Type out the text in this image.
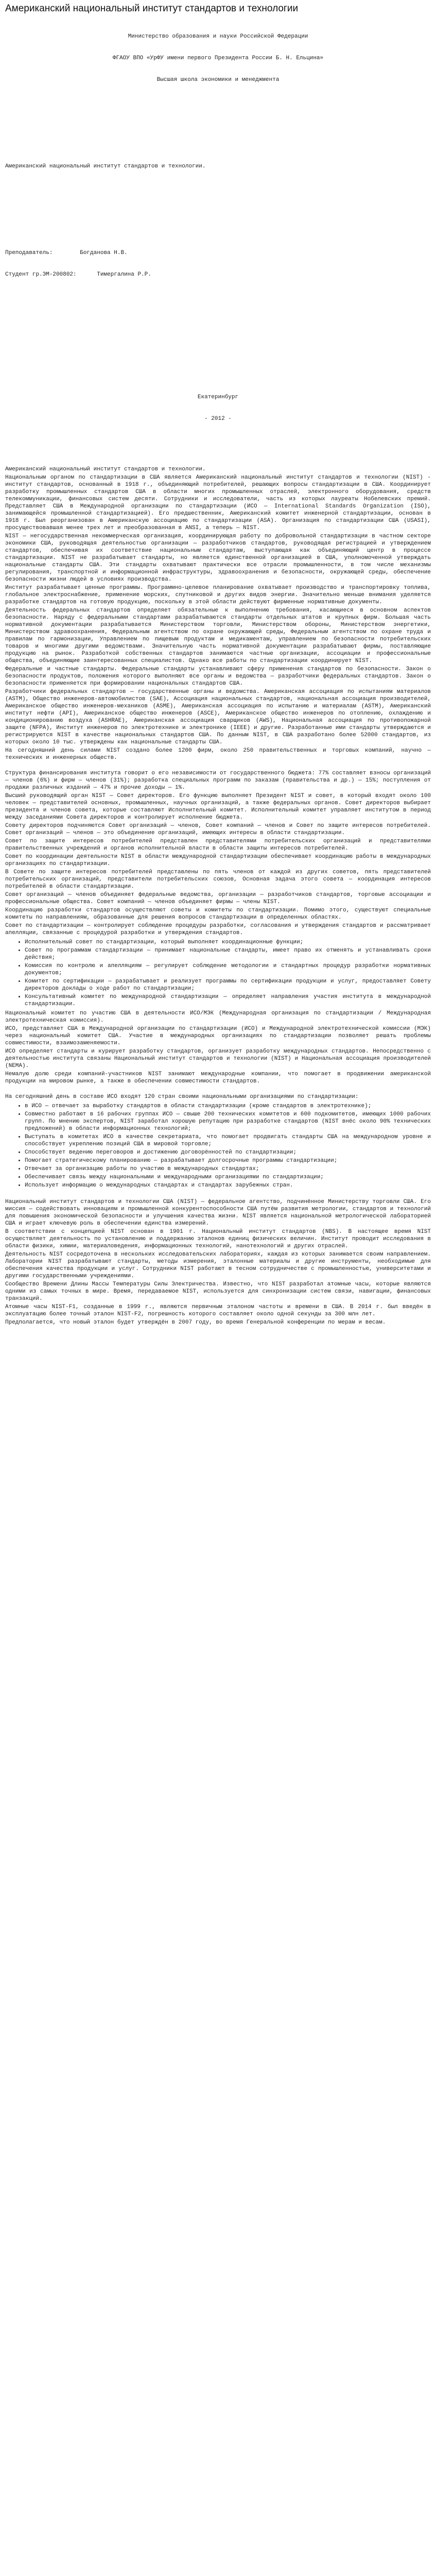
Американский национальный институт стандартов и технологии

Министерство образования и науки Российской Федерации

ФГАОУ ВПО «УрФУ имени первого Президента России Б. Н. Ельцина»

Высшая школа экономики и менеджмента

Американский национальный институт стандартов и технологии.

Преподаватель:	Богданова Н.В.

Студент гр.ЭМ-200802:	Тимергалина Р.Р.

Екатеринбург

- 2012 -

Американский национальный институт стандартов и технологии.

Национальным органом по стандартизации в США является Американский национальный институт стандартов и технологии (NIST) - институт стандартов, основанный в 1918 г., объединяющий потребителей, решающих вопросы стандартизации в США. Координирует разработку промышленных стандартов США в области многих промышленных отраслей, электронного оборудования, средств телекоммуникации, финансовых систем десяти. Сотрудники и исследователи, часть из которых лауреаты Нобелевских премий. Представляет США в Международной организации по стандартизации (ИСО — International Standards Organization (ISO), занимающейся промышленной стандартизацией). Его предшественник, Американский комитет инженерной стандартизации, основан в 1918 г. Был реорганизован в Американскую ассоциацию по стандартизации (ASA). Организация по стандартизации США (USASI), просуществовавшая менее трех лет и преобразованная в ANSI, а теперь — NIST.

NIST — негосударственная некоммерческая организация, координирующая работу по добровольной стандартизации в частном секторе экономики США, руководящая деятельностью организации — разработчиков стандартов, руководящая регистрацией и утверждением стандартов, обеспечивая их соответствие национальным стандартам, выступающая как объединяющий центр в процессе стандартизации. NIST не разрабатывает стандарты, но является единственной организацией в США, уполномоченной утверждать национальные стандарты США. Эти стандарты охватывают практически все отрасли промышленности, в том числе механизмы регулирования, транспортной и информационной инфраструктуры, здравоохранения и безопасности, окружающей среды, обеспечение безопасности жизни людей в условиях производства.

Институт разрабатывает ценные программы. Программно-целевое планирование охватывает производство и транспортировку топлива, глобальное электроснабжение, применение морских, спутниковой и других видов энергии. Значительно меньше внимания уделяется разработке стандартов на готовую продукцию, поскольку в этой области действуют фирменные нормативные документы.

Деятельность федеральных стандартов определяет обязательные к выполнению требования, касающиеся в основном аспектов безопасности. Наряду с федеральными стандартами разрабатываются стандарты отдельных штатов и крупных фирм. Большая часть нормативной документации разрабатывается Министерством торговли, Министерством обороны, Министерством энергетики, Министерством здравоохранения, Федеральным агентством по охране окружающей среды, Федеральным агентством по охране труда и правилам по гармонизации, Управлением по пищевым продуктам и медикаментам, управлением по безопасности потребительских товаров и многими другими ведомствами. Значительную часть нормативной документации разрабатывают фирмы, поставляющие продукцию на рынок. Разработкой собственных стандартов занимаются частные организации, ассоциации и профессиональные общества, объединяющие заинтересованных специалистов. Однако все работы по стандартизации координирует NIST.

Федеральные и частные стандарты. Федеральные стандарты устанавливают сферу применения стандартов по безопасности. Закон о безопасности продуктов, положения которого выполняют все органы и ведомства — разработчики федеральных стандартов. Закон о безопасности применяется при формировании национальных стандартов США.

Разработчики федеральных стандартов — государственные органы и ведомства. Американская ассоциация по испытаниям материалов (ASTM), Общество инженеров-автомобилистов (SAE), Ассоциация национальных стандартов, национальная ассоциация производителей, Американское общество инженеров-механиков (ASME), Американская ассоциация по испытанию и материалам (ASTM), Американский институт нефти (API), Американское общество инженеров (ASCE), Американское общество инженеров по отоплению, охлаждению и кондиционированию воздуха (ASHRAE), Американская ассоциация сварщиков (AWS), Национальная ассоциация по противопожарной защите (NFPA), Институт инженеров по электротехнике и электронике (IEEE) и другие. Разработанные ими стандарты утверждаются и регистрируются NIST в качестве национальных стандартов США. По данным NIST, в США разработано более 52000 стандартов, из которых около 10 тыс. утверждены как национальные стандарты США.

На сегодняшний день силами NIST создано более 1200 фирм, около 250 правительственных и торговых компаний, научно — технических и инженерных обществ.

Структура финансирования института говорит о его независимости от государственного бюджета: 77% составляет взносы организаций — членов (6%) и фирм — членов (31%); разработка специальных программ по заказам (правительства и др.) — 15%; поступления от продажи различных изданий — 47% и прочие доходы — 1%.

Высший руководящий орган NIST — Совет директоров. Его функцию выполняет Президент NIST и совет, в который входят около 100 человек — представителей основных, промышленных, научных организаций, а также федеральных органов. Совет директоров выбирает президента и членов совета, которые составляют Исполнительный комитет. Исполнительный комитет управляет институтом в период между заседаниями Совета директоров и контролирует исполнение бюджета.

Совету директоров подчиняются Совет организаций — членов, Совет компаний — членов и Совет по защите интересов потребителей. Совет организаций — членов — это объединение организаций, имеющих интересы в области стандартизации.

Совет по защите интересов потребителей представлен представителями потребительских организаций и представителями правительственных учреждений и органов исполнительной власти в области защиты интересов потребителей.

Совет по координации деятельности NIST в области международной стандартизации обеспечивает координацию работы в международных организациях по стандартизации.

В Совете по защите интересов потребителей представлены по пять членов от каждой из других советов, пять представителей потребительских организаций, представители потребительских союзов, Основная задача этого совета — координация интересов потребителей в области стандартизации.

Совет организаций — членов объединяет федеральные ведомства, организации — разработчиков стандартов, торговые ассоциации и профессиональные общества. Совет компаний — членов объединяет фирмы — члены NIST.

Координацию разработки стандартов осуществляют советы и комитеты по стандартизации. Помимо этого, существуют специальные комитеты по направлениям, образованные для решения вопросов стандартизации в определенных областях.

Совет по стандартизации — контролирует соблюдение процедуры разработки, согласования и утверждения стандартов и рассматривает апелляции, связанные с процедурой разработки и утверждения стандартов.

• Исполнительный совет по стандартизации, который выполняет координационные функции;
• Совет по программам стандартизации — принимает национальные стандарты, имеет право их отменять и устанавливать сроки действия;
• Комиссия по контролю и апелляциям — регулирует соблюдение методологии и стандартных процедур разработки нормативных документов;
• Комитет по сертификации — разрабатывает и реализует программы по сертификации продукции и услуг, предоставляет Совету директоров доклады о ходе работ по стандартизации;
• Консультативный комитет по международной стандартизации — определяет направления участия института в международной стандартизации.

Национальный комитет по участию США в деятельности ИСО/МЭК (Международная организация по стандартизации / Международная электротехническая комиссия).

ИСО, представляет США в Международной организации по стандартизации (ИСО) и Международной электротехнической комиссии (МЭК) через национальный комитет США. Участие в международных организациях по стандартизации позволяет решать проблемы совместимости, взаимозаменяемости.

ИСО определяет стандарты и курирует разработку стандартов, организует разработку международных стандартов. Непосредственно с деятельностью института связаны Национальный институт стандартов и технологии (NIST) и Национальная ассоциация производителей (NEMA).

Немалую долю среди компаний-участников NIST занимают международные компании, что помогает в продвижении американской продукции на мировом рынке, а также в обеспечении совместимости стандартов.

На сегодняшний день в составе ИСО входят 120 стран своими национальными организациями по стандартизации:

• в ИСО — отвечает за выработку стандартов в области стандартизации (кроме стандартов в электротехнике);
• Совместно работают в 16 рабочих группах ИСО — свыше 200 технических комитетов и 600 подкомитетов, имеющих 1000 рабочих групп. По мнению экспертов, NIST заработал хорошую репутацию при разработке стандартов (NIST внёс около 90% технических предложений) в области информационных технологий;
• Выступать в комитетах ИСО в качестве секретариата, что помогает продвигать стандарты США на международном уровне и способствует укреплению позиций США в мировой торговле;
• Способствует ведению переговоров и достижению договорённостей по стандартизации;
• Помогает стратегическому планированию — разрабатывает долгосрочные программы стандартизации;
• Отвечает за организацию работы по участию в международных стандартах;
• Обеспечивает связь между национальными и международными организациями по стандартизации;
• Использует информацию о международных стандартах и стандартах зарубежных стран.

Национальный институт стандартов и технологии США (NIST) — федеральное агентство, подчинённое Министерству торговли США. Его миссия — содействовать инновациям и промышленной конкурентоспособности США путём развития метрологии, стандартов и технологий для повышения экономической безопасности и улучшения качества жизни. NIST является национальной метрологической лабораторией США и играет ключевую роль в обеспечении единства измерений.

В соответствии с концепцией NIST основан в 1901 г. Национальный институт стандартов (NBS). В настоящее время NIST осуществляет деятельность по установлению и поддержанию эталонов единиц физических величин. Институт проводит исследования в области физики, химии, материаловедения, информационных технологий, нанотехнологий и других отраслей.

Деятельность NIST сосредоточена в нескольких исследовательских лабораториях, каждая из которых занимается своим направлением. Лаборатории NIST разрабатывают стандарты, методы измерения, эталонные материалы и другие инструменты, необходимые для обеспечения качества продукции и услуг. Сотрудники NIST работают в тесном сотрудничестве с промышленностью, университетами и другими государственными учреждениями.

Сообщество Времени Длины Массы Температуры Силы Электричества. Известно, что NIST разработал атомные часы, которые являются одними из самых точных в мире. Время, передаваемое NIST, используется для синхронизации систем связи, навигации, финансовых транзакций.

Атомные часы NIST-F1, созданные в 1999 г., являются первичным эталоном частоты и времени в США. В 2014 г. был введён в эксплуатацию более точный эталон NIST-F2, погрешность которого составляет около одной секунды за 300 млн лет.

Предполагается, что новый эталон будет утверждён в 2007 году, во время Генеральной конференции по мерам и весам.
